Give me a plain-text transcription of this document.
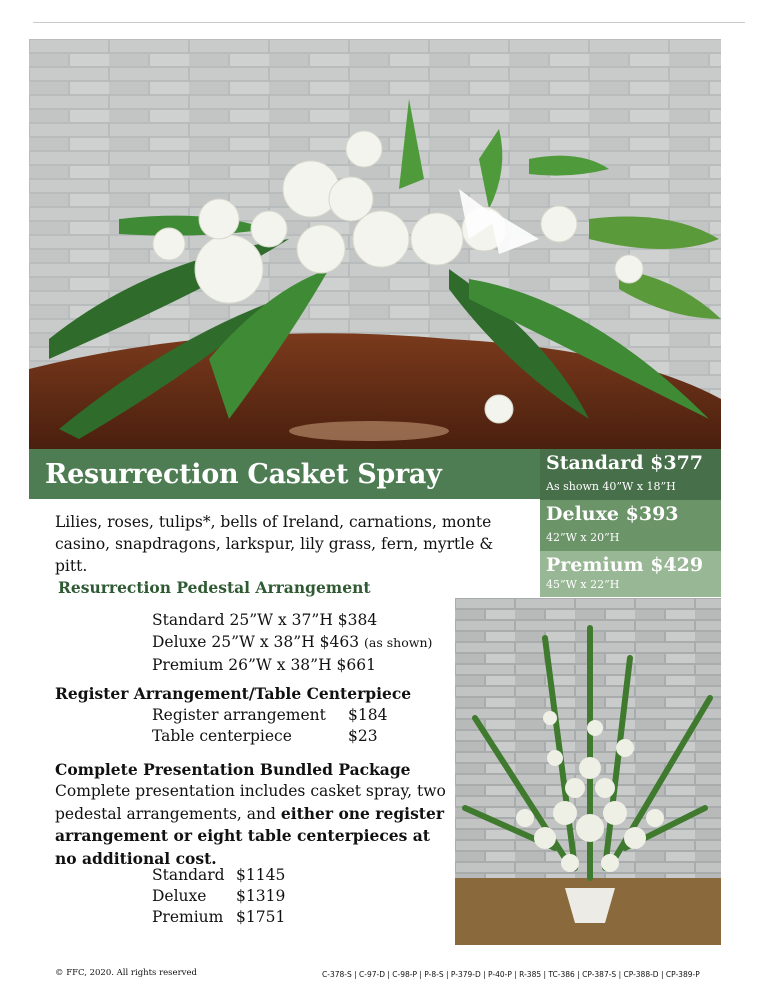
Resurrection Casket Spray	Standard $377
As shown 40”W x 18”H
Deluxe $393
42”W x 20”H
Premium $429
45”W x 22”H
Lilies, roses, tulips*, bells of Ireland, carnations, monte casino, snapdragons, larkspur, lily grass, fern, myrtle & pitt.
Resurrection Pedestal Arrangement
Standard 25”W x 37”H $384
Deluxe 25”W x 38”H $463 (as shown)
Premium 26”W x 38”H $661
Register Arrangement/Table Centerpiece
Register arrangement	$184
Table centerpiece	$23
Complete Presentation Bundled Package
Complete presentation includes casket spray, two pedestal arrangements, and either one register arrangement or eight table centerpieces at no additional cost.
Standard $1145
Deluxe	$1319
Premium $1751
© FFC, 2020. All rights reserved	C-378-S | C-97-D | C-98-P | P-8-S | P-379-D | P-40-P | R-385 | TC-386 | CP-387-S | CP-388-D | CP-389-P
